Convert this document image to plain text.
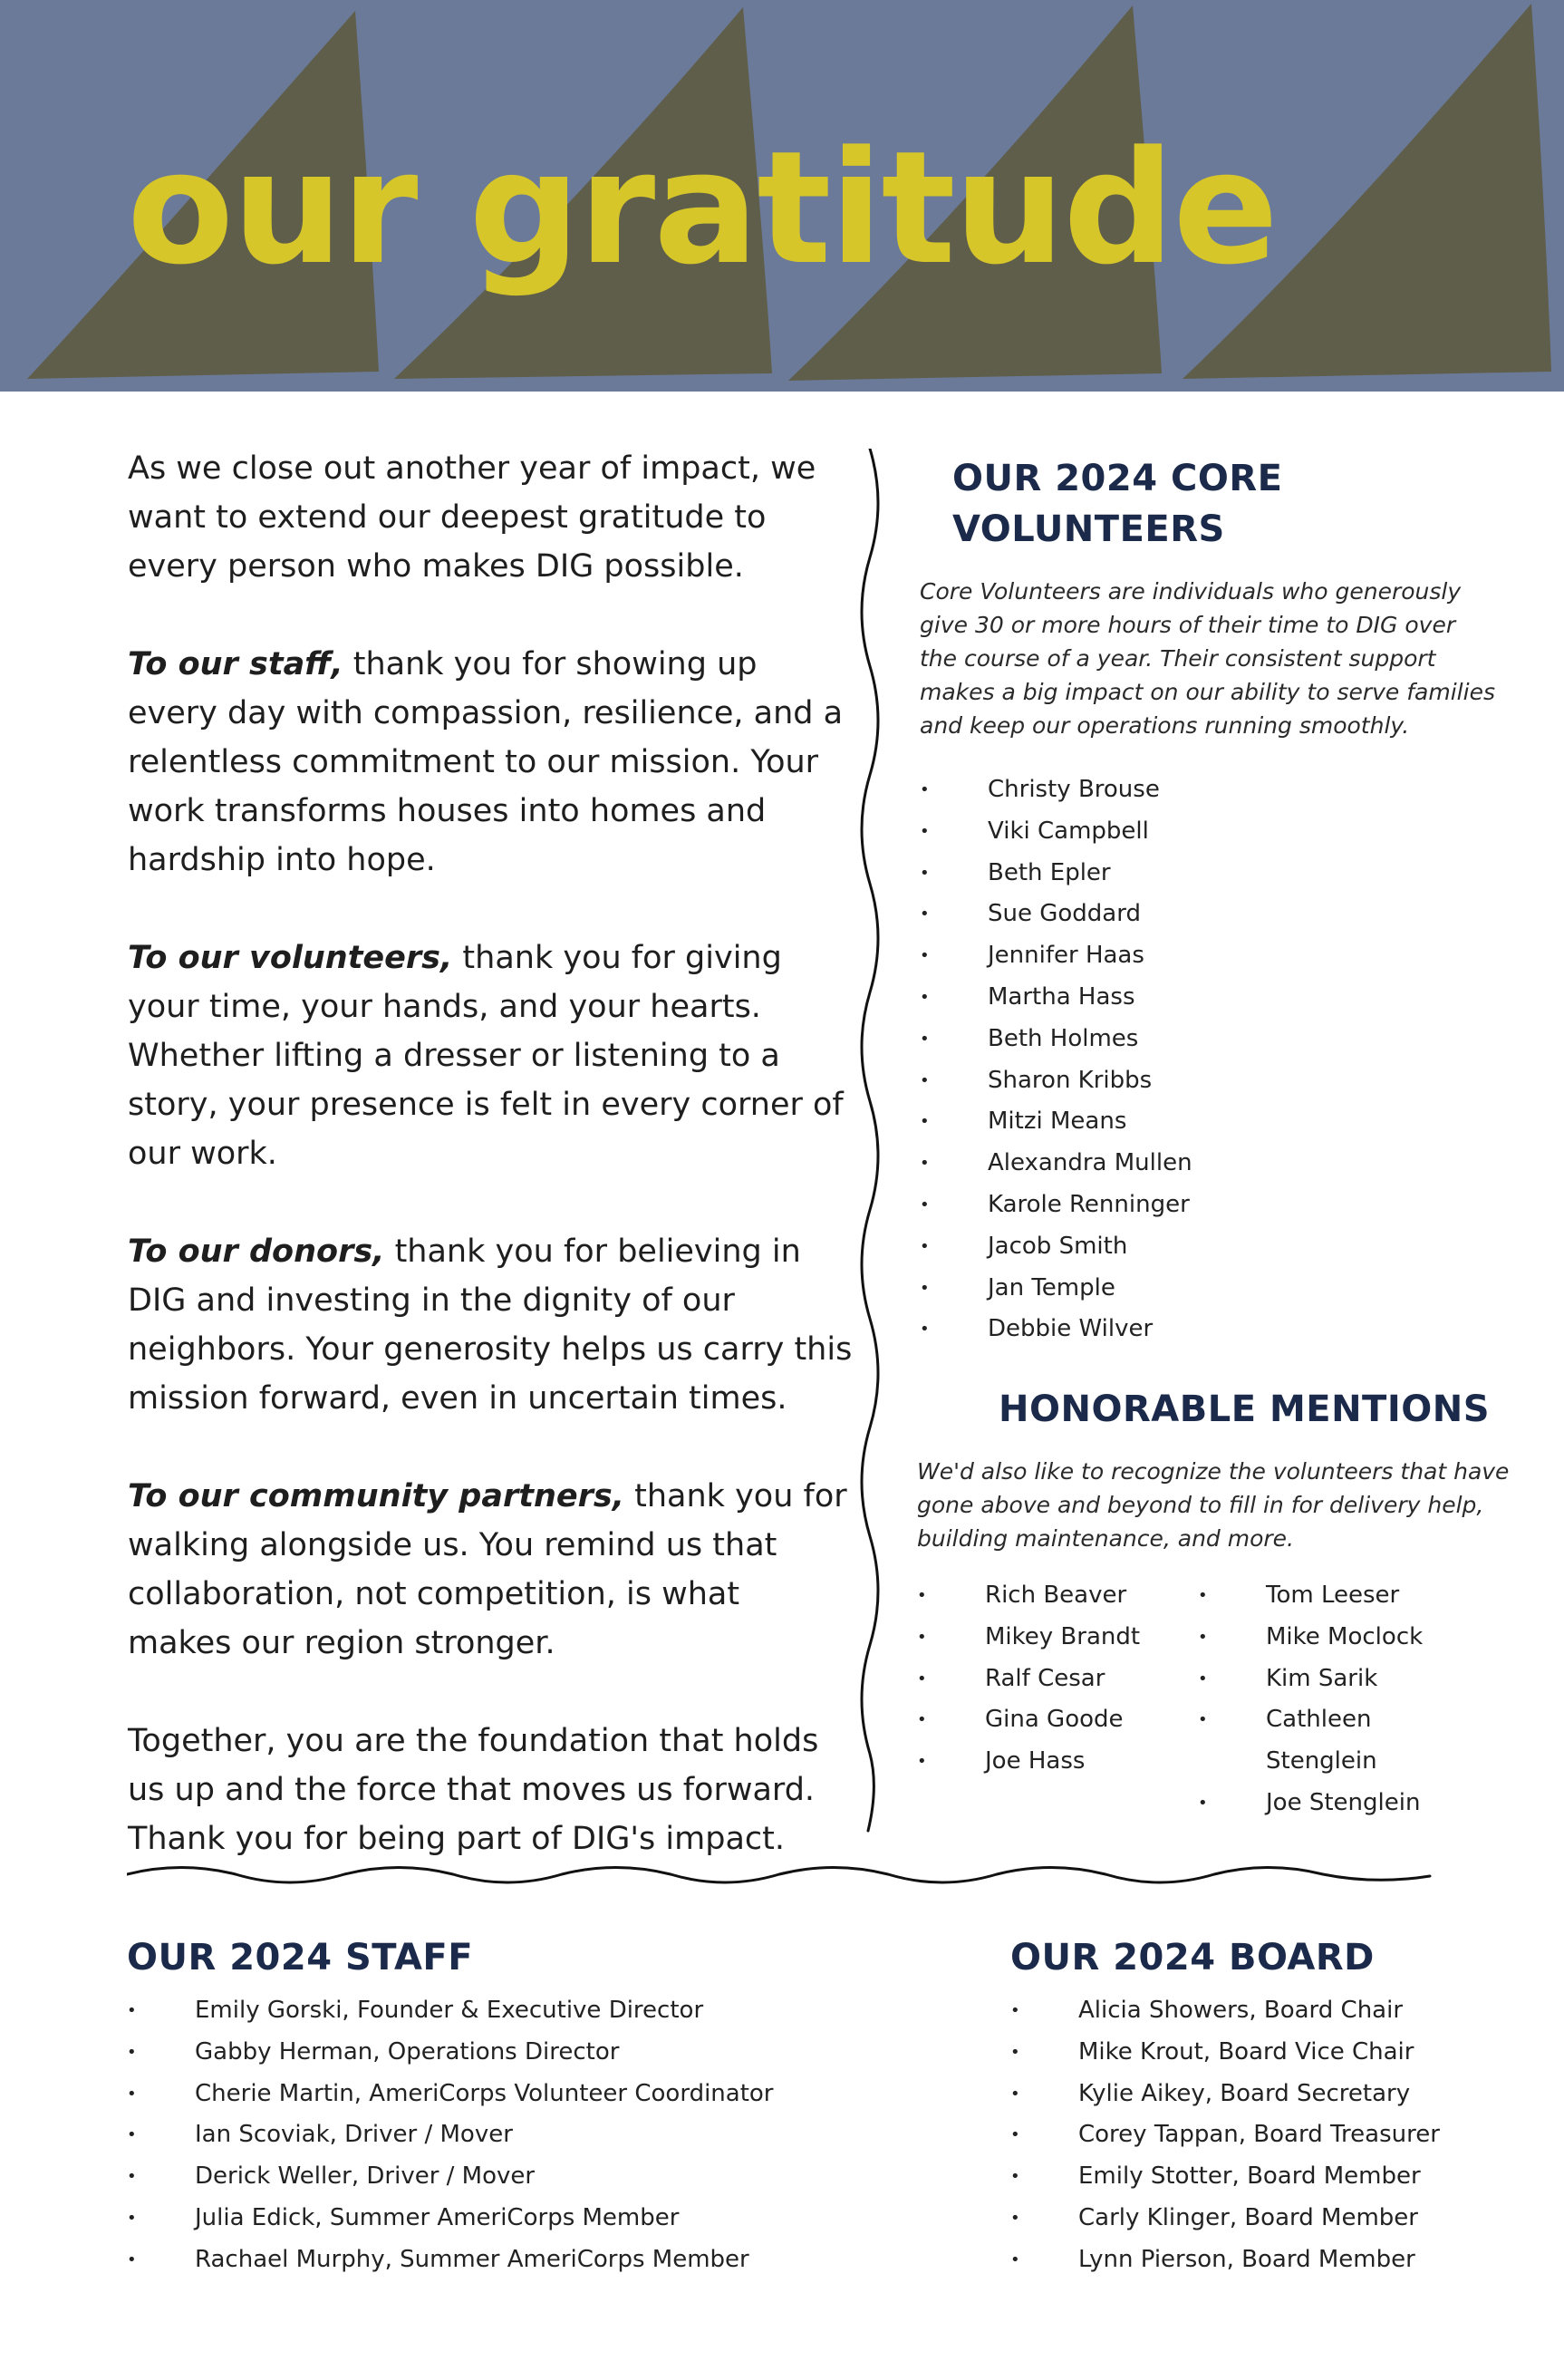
our gratitude

As we close out another year of impact, we want to extend our deepest gratitude to every person who makes DIG possible.

To our staff, thank you for showing up every day with compassion, resilience, and a relentless commitment to our mission. Your work transforms houses into homes and hardship into hope.

To our volunteers, thank you for giving your time, your hands, and your hearts. Whether lifting a dresser or listening to a story, your presence is felt in every corner of our work.

To our donors, thank you for believing in DIG and investing in the dignity of our neighbors. Your generosity helps us carry this mission forward, even in uncertain times.

To our community partners, thank you for walking alongside us. You remind us that collaboration, not competition, is what makes our region stronger.

Together, you are the foundation that holds us up and the force that moves us forward. Thank you for being part of DIG's impact.

OUR 2024 CORE VOLUNTEERS

Core Volunteers are individuals who generously give 30 or more hours of their time to DIG over the course of a year. Their consistent support makes a big impact on our ability to serve families and keep our operations running smoothly.

• Christy Brouse
• Viki Campbell
• Beth Epler
• Sue Goddard
• Jennifer Haas
• Martha Hass
• Beth Holmes
• Sharon Kribbs
• Mitzi Means
• Alexandra Mullen
• Karole Renninger
• Jacob Smith
• Jan Temple
• Debbie Wilver
HONORABLE MENTIONS

We'd also like to recognize the volunteers that have gone above and beyond to fill in for delivery help, building maintenance, and more.

• Rich Beaver
• Mikey Brandt
• Ralf Cesar
• Gina Goode
• Joe Hass
• Tom Leeser
• Mike Moclock
• Kim Sarik
• Cathleen Stenglein
• Joe Stenglein
OUR 2024 STAFF
• Emily Gorski, Founder & Executive Director
• Gabby Herman, Operations Director
• Cherie Martin, AmeriCorps Volunteer Coordinator
• Ian Scoviak, Driver / Mover
• Derick Weller, Driver / Mover
• Julia Edick, Summer AmeriCorps Member
• Rachael Murphy, Summer AmeriCorps Member
OUR 2024 BOARD
• Alicia Showers, Board Chair
• Mike Krout, Board Vice Chair
• Kylie Aikey, Board Secretary
• Corey Tappan, Board Treasurer
• Emily Stotter, Board Member
• Carly Klinger, Board Member
• Lynn Pierson, Board Member
